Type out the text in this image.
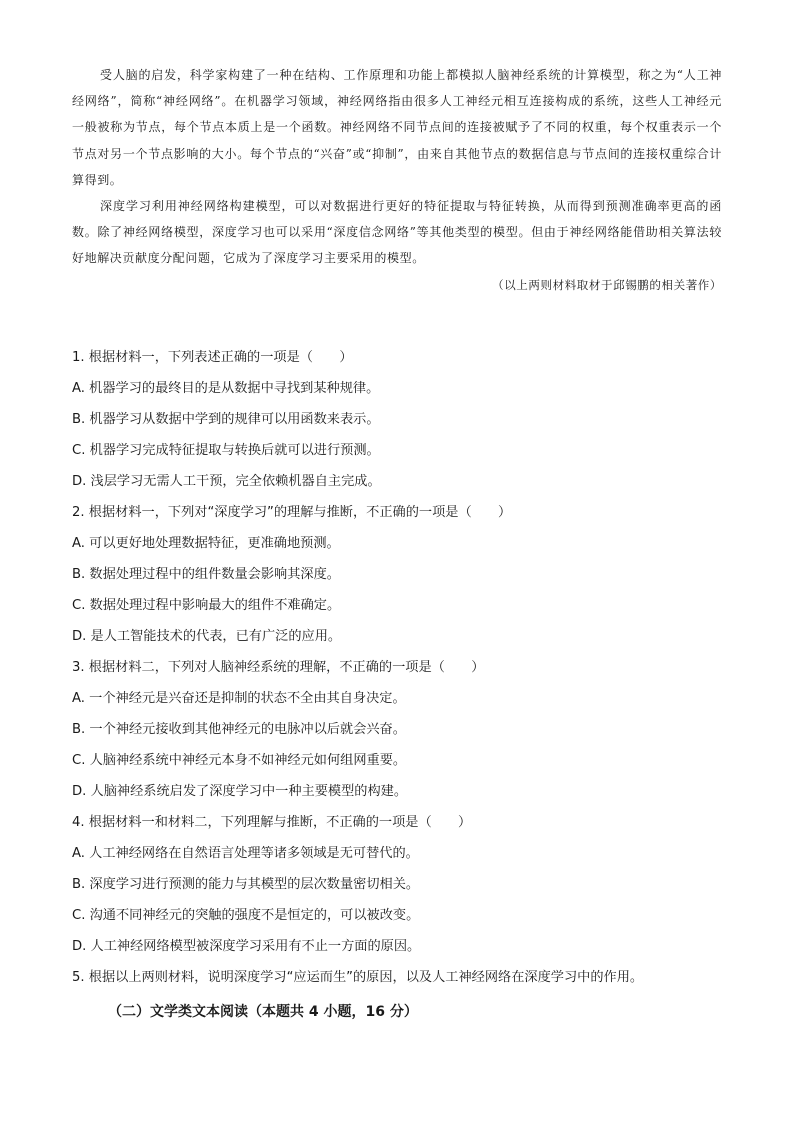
受人脑的启发，科学家构建了一种在结构、工作原理和功能上都模拟人脑神经系统的计算模型，称之为“人工神经网络”，简称“神经网络”。在机器学习领域，神经网络指由很多人工神经元相互连接构成的系统，这些人工神经元一般被称为节点，每个节点本质上是一个函数。神经网络不同节点间的连接被赋予了不同的权重，每个权重表示一个节点对另一个节点影响的大小。每个节点的“兴奋”或“抑制”，由来自其他节点的数据信息与节点间的连接权重综合计算得到。

深度学习利用神经网络构建模型，可以对数据进行更好的特征提取与特征转换，从而得到预测准确率更高的函数。除了神经网络模型，深度学习也可以采用“深度信念网络”等其他类型的模型。但由于神经网络能借助相关算法较好地解决贡献度分配问题，它成为了深度学习主要采用的模型。

（以上两则材料取材于邱锡鹏的相关著作）

1. 根据材料一，下列表述正确的一项是（　　）
A. 机器学习的最终目的是从数据中寻找到某种规律。
B. 机器学习从数据中学到的规律可以用函数来表示。
C. 机器学习完成特征提取与转换后就可以进行预测。
D. 浅层学习无需人工干预，完全依赖机器自主完成。
2. 根据材料一，下列对“深度学习”的理解与推断，不正确的一项是（　　）
A. 可以更好地处理数据特征，更准确地预测。
B. 数据处理过程中的组件数量会影响其深度。
C. 数据处理过程中影响最大的组件不难确定。
D. 是人工智能技术的代表，已有广泛的应用。
3. 根据材料二，下列对人脑神经系统的理解，不正确的一项是（　　）
A. 一个神经元是兴奋还是抑制的状态不全由其自身决定。
B. 一个神经元接收到其他神经元的电脉冲以后就会兴奋。
C. 人脑神经系统中神经元本身不如神经元如何组网重要。
D. 人脑神经系统启发了深度学习中一种主要模型的构建。
4. 根据材料一和材料二，下列理解与推断，不正确的一项是（　　）
A. 人工神经网络在自然语言处理等诸多领域是无可替代的。
B. 深度学习进行预测的能力与其模型的层次数量密切相关。
C. 沟通不同神经元的突触的强度不是恒定的，可以被改变。
D. 人工神经网络模型被深度学习采用有不止一方面的原因。
5. 根据以上两则材料，说明深度学习“应运而生”的原因，以及人工神经网络在深度学习中的作用。
（二）文学类文本阅读（本题共 4 小题，16 分）
